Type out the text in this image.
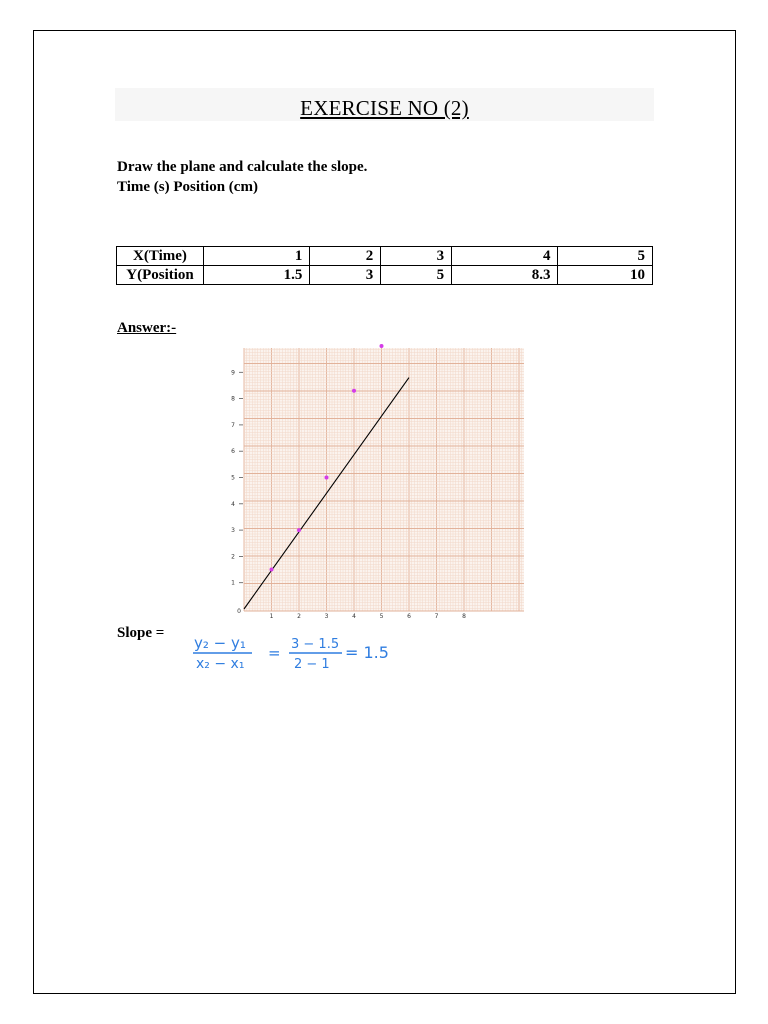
EXERCISE NO (2)
Draw the plane and calculate the slope.
Time (s) Position (cm)
X(Time)	1	2	3	4	5
Y(Position	1.5	3	5	8.3	10
Answer:-
1
2
3
4
5
6
7
8
9
1	2	3	4	5	6	7	8
0
Slope =
y₂ − y₁
x₂ − x₁
= 3 − 1.5
2 − 1
= 1.5
